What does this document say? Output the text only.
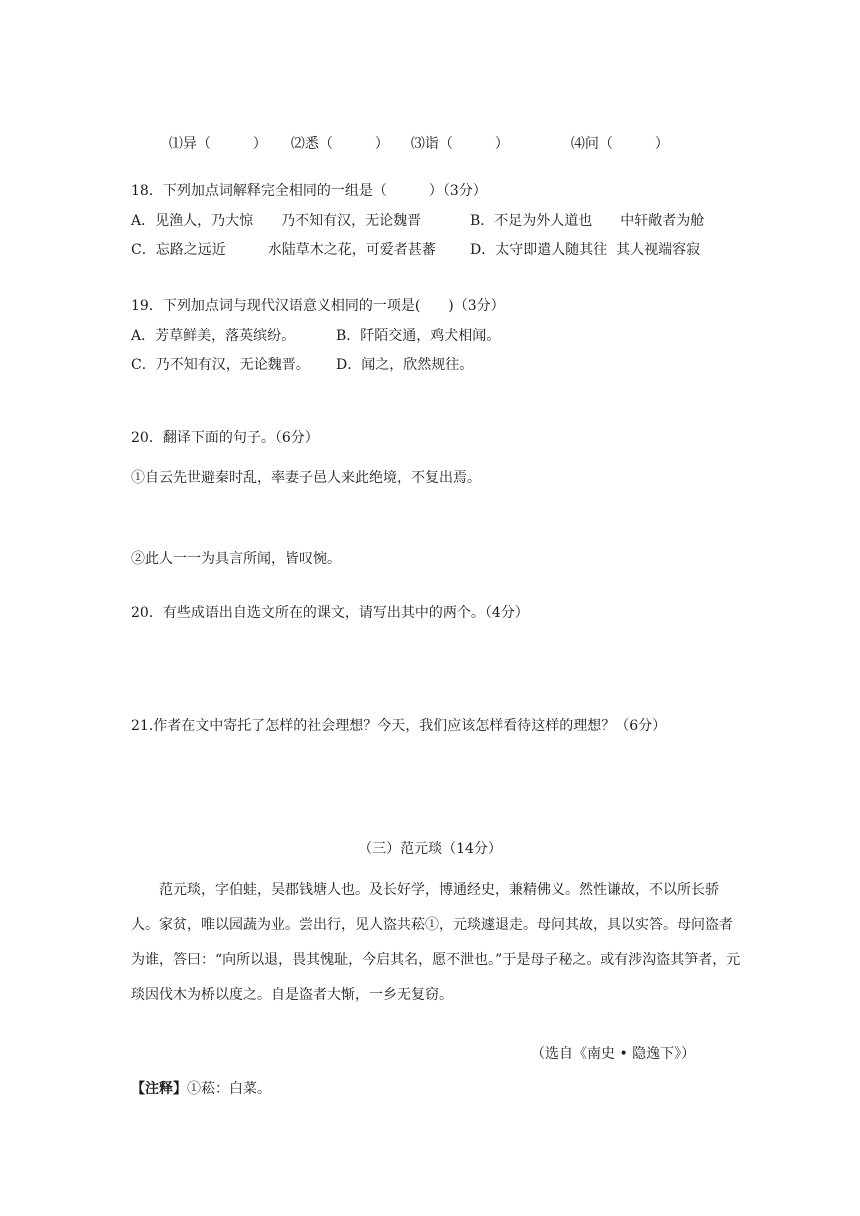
⑴异（　　　） ⑵悉（　　　） ⑶诣（　　　）	⑷问（　　　）

18．下列加点词解释完全相同的一组是（　　　）（3分）
A．见渔人，乃大惊　　乃不知有汉，无论魏晋	B．不足为外人道也　　中轩敞者为舱
C．忘路之远近　　　水陆草木之花，可爱者甚蕃 D．太守即遣人随其往  其人视端容寂
19．下列加点词与现代汉语意义相同的一项是(　　)（3分）
A．芳草鲜美，落英缤纷。	B．阡陌交通，鸡犬相闻。
C．乃不知有汉，无论魏晋。 D．闻之，欣然规往。
20．翻译下面的句子。（6分）
①自云先世避秦时乱，率妻子邑人来此绝境，不复出焉。
②此人一一为具言所闻，皆叹惋。
20．有些成语出自选文所在的课文，请写出其中的两个。（4分）
21.作者在文中寄托了怎样的社会理想？今天，我们应该怎样看待这样的理想？（6分）
（三）范元琰（14分）
范元琰，字伯蛙，吴郡钱塘人也。及长好学，博通经史，兼精佛义。然性谦故，不以所长骄人。家贫，唯以园蔬为业。尝出行，见人盗共菘①，元琰遽退走。母问其故，具以实答。母问盗者为谁，答曰：“向所以退，畏其愧耻，今启其名，愿不泄也。”于是母子秘之。或有涉沟盗其笋者，元琰因伐木为桥以度之。自是盗者大惭，一乡无复窃。
（选自《南史 • 隐逸下》）
【注释】①菘：白菜。
